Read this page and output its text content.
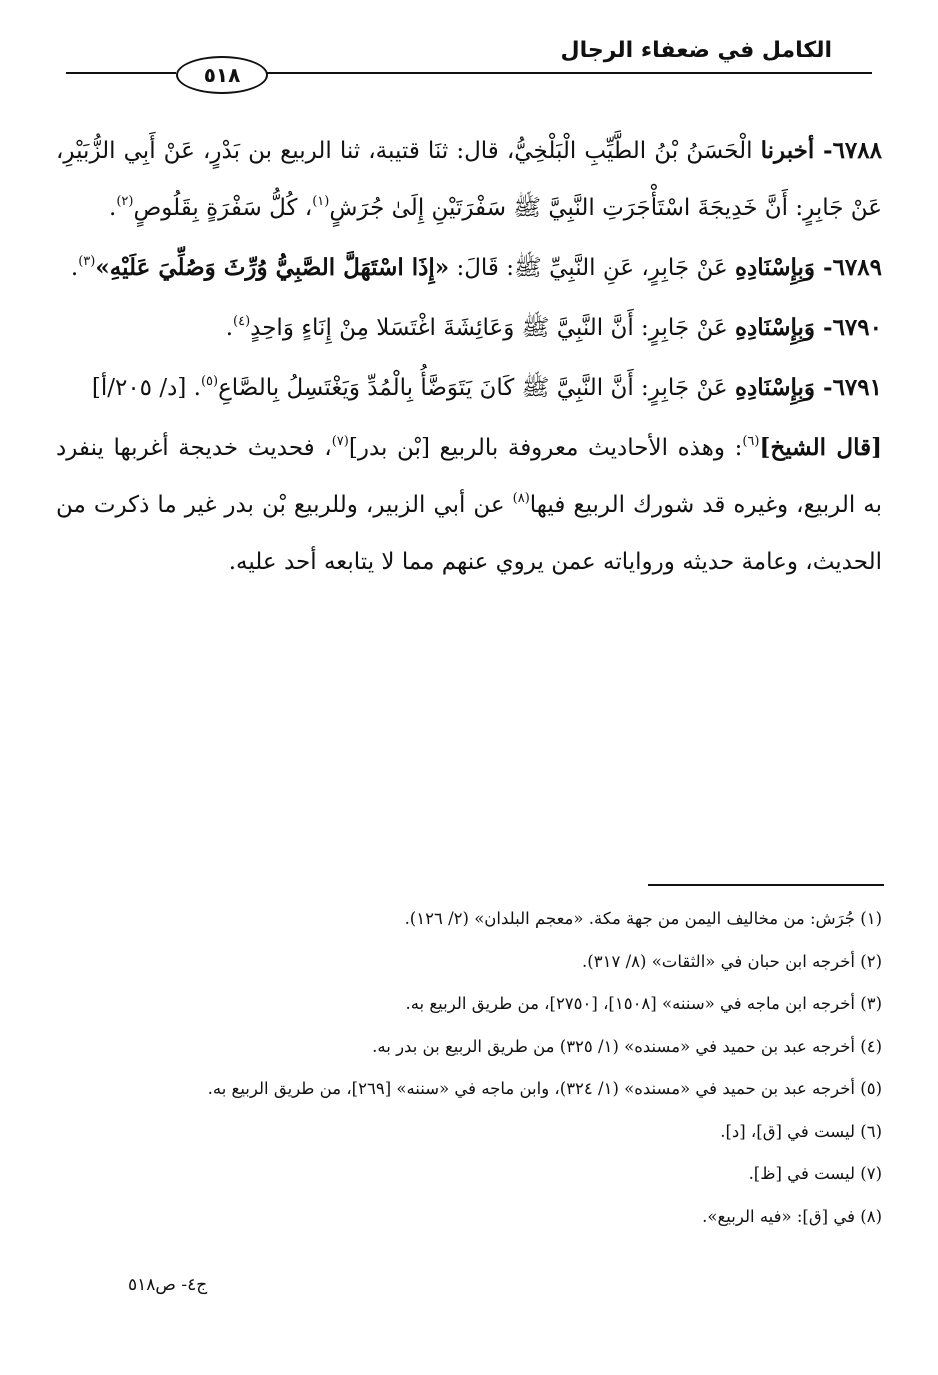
الكامل في ضعفاء الرجال
٥١٨

٦٧٨٨- أخبرنا الْحَسَنُ بْنُ الطَّيِّبِ الْبَلْخِيُّ، قال: ثنَا قتيبة، ثنا الربيع بن بَدْرٍ، عَنْ أَبِي الزُّبَيْرِ، عَنْ جَابِرٍ: أَنَّ خَدِيجَةَ اسْتَأْجَرَتِ النَّبِيَّ ﷺ سَفْرَتَيْنِ إِلَىٰ جُرَشٍ$^{(١)}$، كُلُّ سَفْرَةٍ بِقَلُوصٍ$^{(٢)}$.

٦٧٨٩- وَبِإِسْنَادِهِ عَنْ جَابِرٍ، عَنِ النَّبِيِّ ﷺ: قَالَ: «إِذَا اسْتَهَلَّ الصَّبِيُّ وُرِّثَ وَصُلِّيَ عَلَيْهِ»$^{(٣)}$.

٦٧٩٠- وَبِإِسْنَادِهِ عَنْ جَابِرٍ: أَنَّ النَّبِيَّ ﷺ وَعَائِشَةَ اغْتَسَلا مِنْ إِنَاءٍ وَاحِدٍ$^{(٤)}$.

٦٧٩١- وَبِإِسْنَادِهِ عَنْ جَابِرٍ: أَنَّ النَّبِيَّ ﷺ كَانَ يَتَوَضَّأُ بِالْمُدِّ وَيَغْتَسِلُ بِالصَّاعِ$^{(٥)}$. [د/ ٢٠٥/أ]

[قال الشيخ]$^{(٦)}$: وهذه الأحاديث معروفة بالربيع [بْن بدر]$^{(٧)}$، فحديث خديجة أغربها ينفرد به الربيع، وغيره قد شورك الربيع فيها$^{(٨)}$ عن أبي الزبير، وللربيع بْن بدر غير ما ذكرت من الحديث، وعامة حديثه ورواياته عمن يروي عنهم مما لا يتابعه أحد عليه.

(١) جُرَش: من مخاليف اليمن من جهة مكة. «معجم البلدان» (٢/ ١٢٦).
(٢) أخرجه ابن حبان في «الثقات» (٨/ ٣١٧).
(٣) أخرجه ابن ماجه في «سننه» [١٥٠٨]، [٢٧٥٠]، من طريق الربيع به.
(٤) أخرجه عبد بن حميد في «مسنده» (١/ ٣٢٥) من طريق الربيع بن بدر به.
(٥) أخرجه عبد بن حميد في «مسنده» (١/ ٣٢٤)، وابن ماجه في «سننه» [٢٦٩]، من طريق الربيع به.
(٦) ليست في [ق]، [د].
(٧) ليست في [ظ].
(٨) في [ق]: «فيه الربيع».
ج٤- ص٥١٨
